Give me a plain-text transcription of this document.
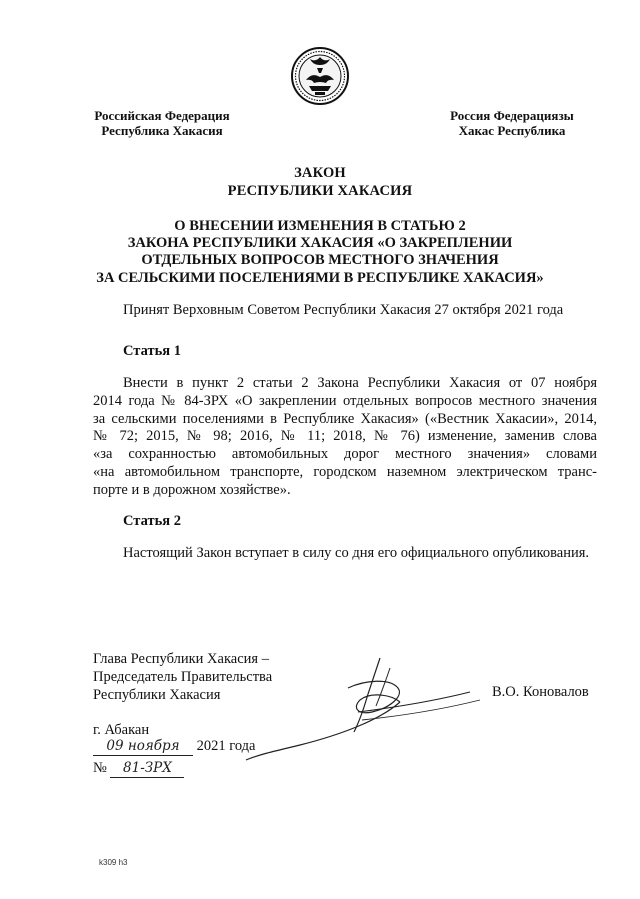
Российская Федерация
Республика Хакасия
Россия Федерациязы
Хакас Республика
ЗАКОН
РЕСПУБЛИКИ ХАКАСИЯ
О ВНЕСЕНИИ ИЗМЕНЕНИЯ В СТАТЬЮ 2
ЗАКОНА РЕСПУБЛИКИ ХАКАСИЯ «О ЗАКРЕПЛЕНИИ
ОТДЕЛЬНЫХ ВОПРОСОВ МЕСТНОГО ЗНАЧЕНИЯ
ЗА СЕЛЬСКИМИ ПОСЕЛЕНИЯМИ В РЕСПУБЛИКЕ ХАКАСИЯ»
Принят Верховным Советом Республики Хакасия 27 октября 2021 года
Статья 1
Внести в пункт 2 статьи 2 Закона Республики Хакасия от 07 ноября
2014 года № 84-ЗРХ «О закреплении отдельных вопросов местного значения
за сельскими поселениями в Республике Хакасия» («Вестник Хакасии», 2014,
№ 72; 2015, № 98; 2016, № 11; 2018, № 76) изменение, заменив слова
«за сохранностью автомобильных дорог местного значения» словами
«на автомобильном транспорте, городском наземном электрическом транс-
порте и в дорожном хозяйстве».
Статья 2
Настоящий Закон вступает в силу со дня его официального опубликования.
Глава Республики Хакасия –
Председатель Правительства
Республики Хакасия	В.О. Коновалов
г. Абакан
09 ноября 2021 года
№ 81-ЗРХ
k309 h3
